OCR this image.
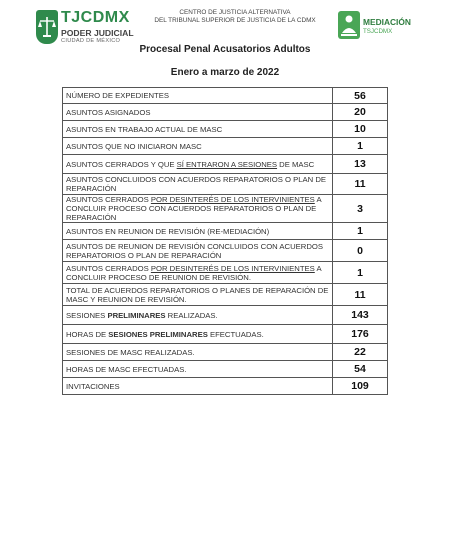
TJCDMX
PODER JUDICIAL
CIUDAD DE MÉXICO
CENTRO DE JUSTICIA ALTERNATIVA
DEL TRIBUNAL SUPERIOR DE JUSTICIA DE LA CDMX	MEDIACIÓN
TSJCDMX
Procesal Penal Acusatorios Adultos
Enero a marzo de 2022
NÚMERO DE EXPEDIENTES	56
ASUNTOS ASIGNADOS	20
ASUNTOS EN TRABAJO ACTUAL DE MASC	10
ASUNTOS QUE NO INICIARON MASC	1
ASUNTOS CERRADOS Y QUE SÍ ENTRARON A SESIONES DE MASC	13
ASUNTOS CONCLUIDOS CON ACUERDOS REPARATORIOS O PLAN DE REPARACIÓN	11
ASUNTOS CERRADOS POR DESINTERÉS DE LOS INTERVINIENTES A CONCLUIR PROCESO CON ACUERDOS REPARATORIOS O PLAN DE REPARACIÓN	3
ASUNTOS EN REUNION DE REVISIÓN (RE-MEDIACIÓN)	1
ASUNTOS DE REUNION DE REVISIÓN CONCLUIDOS CON ACUERDOS REPARATORIOS O PLAN DE REPARACIÓN	0
ASUNTOS CERRADOS POR DESINTERÉS DE LOS INTERVINIENTES A CONCLUIR PROCESO DE REUNION DE REVISIÓN.	1
TOTAL DE ACUERDOS REPARATORIOS O PLANES DE REPARACIÓN DE MASC Y REUNION DE REVISIÓN.	11
SESIONES PRELIMINARES REALIZADAS.	143
HORAS DE SESIONES PRELIMINARES EFECTUADAS.	176
SESIONES DE MASC REALIZADAS.	22
HORAS DE MASC EFECTUADAS.	54
INVITACIONES	109
